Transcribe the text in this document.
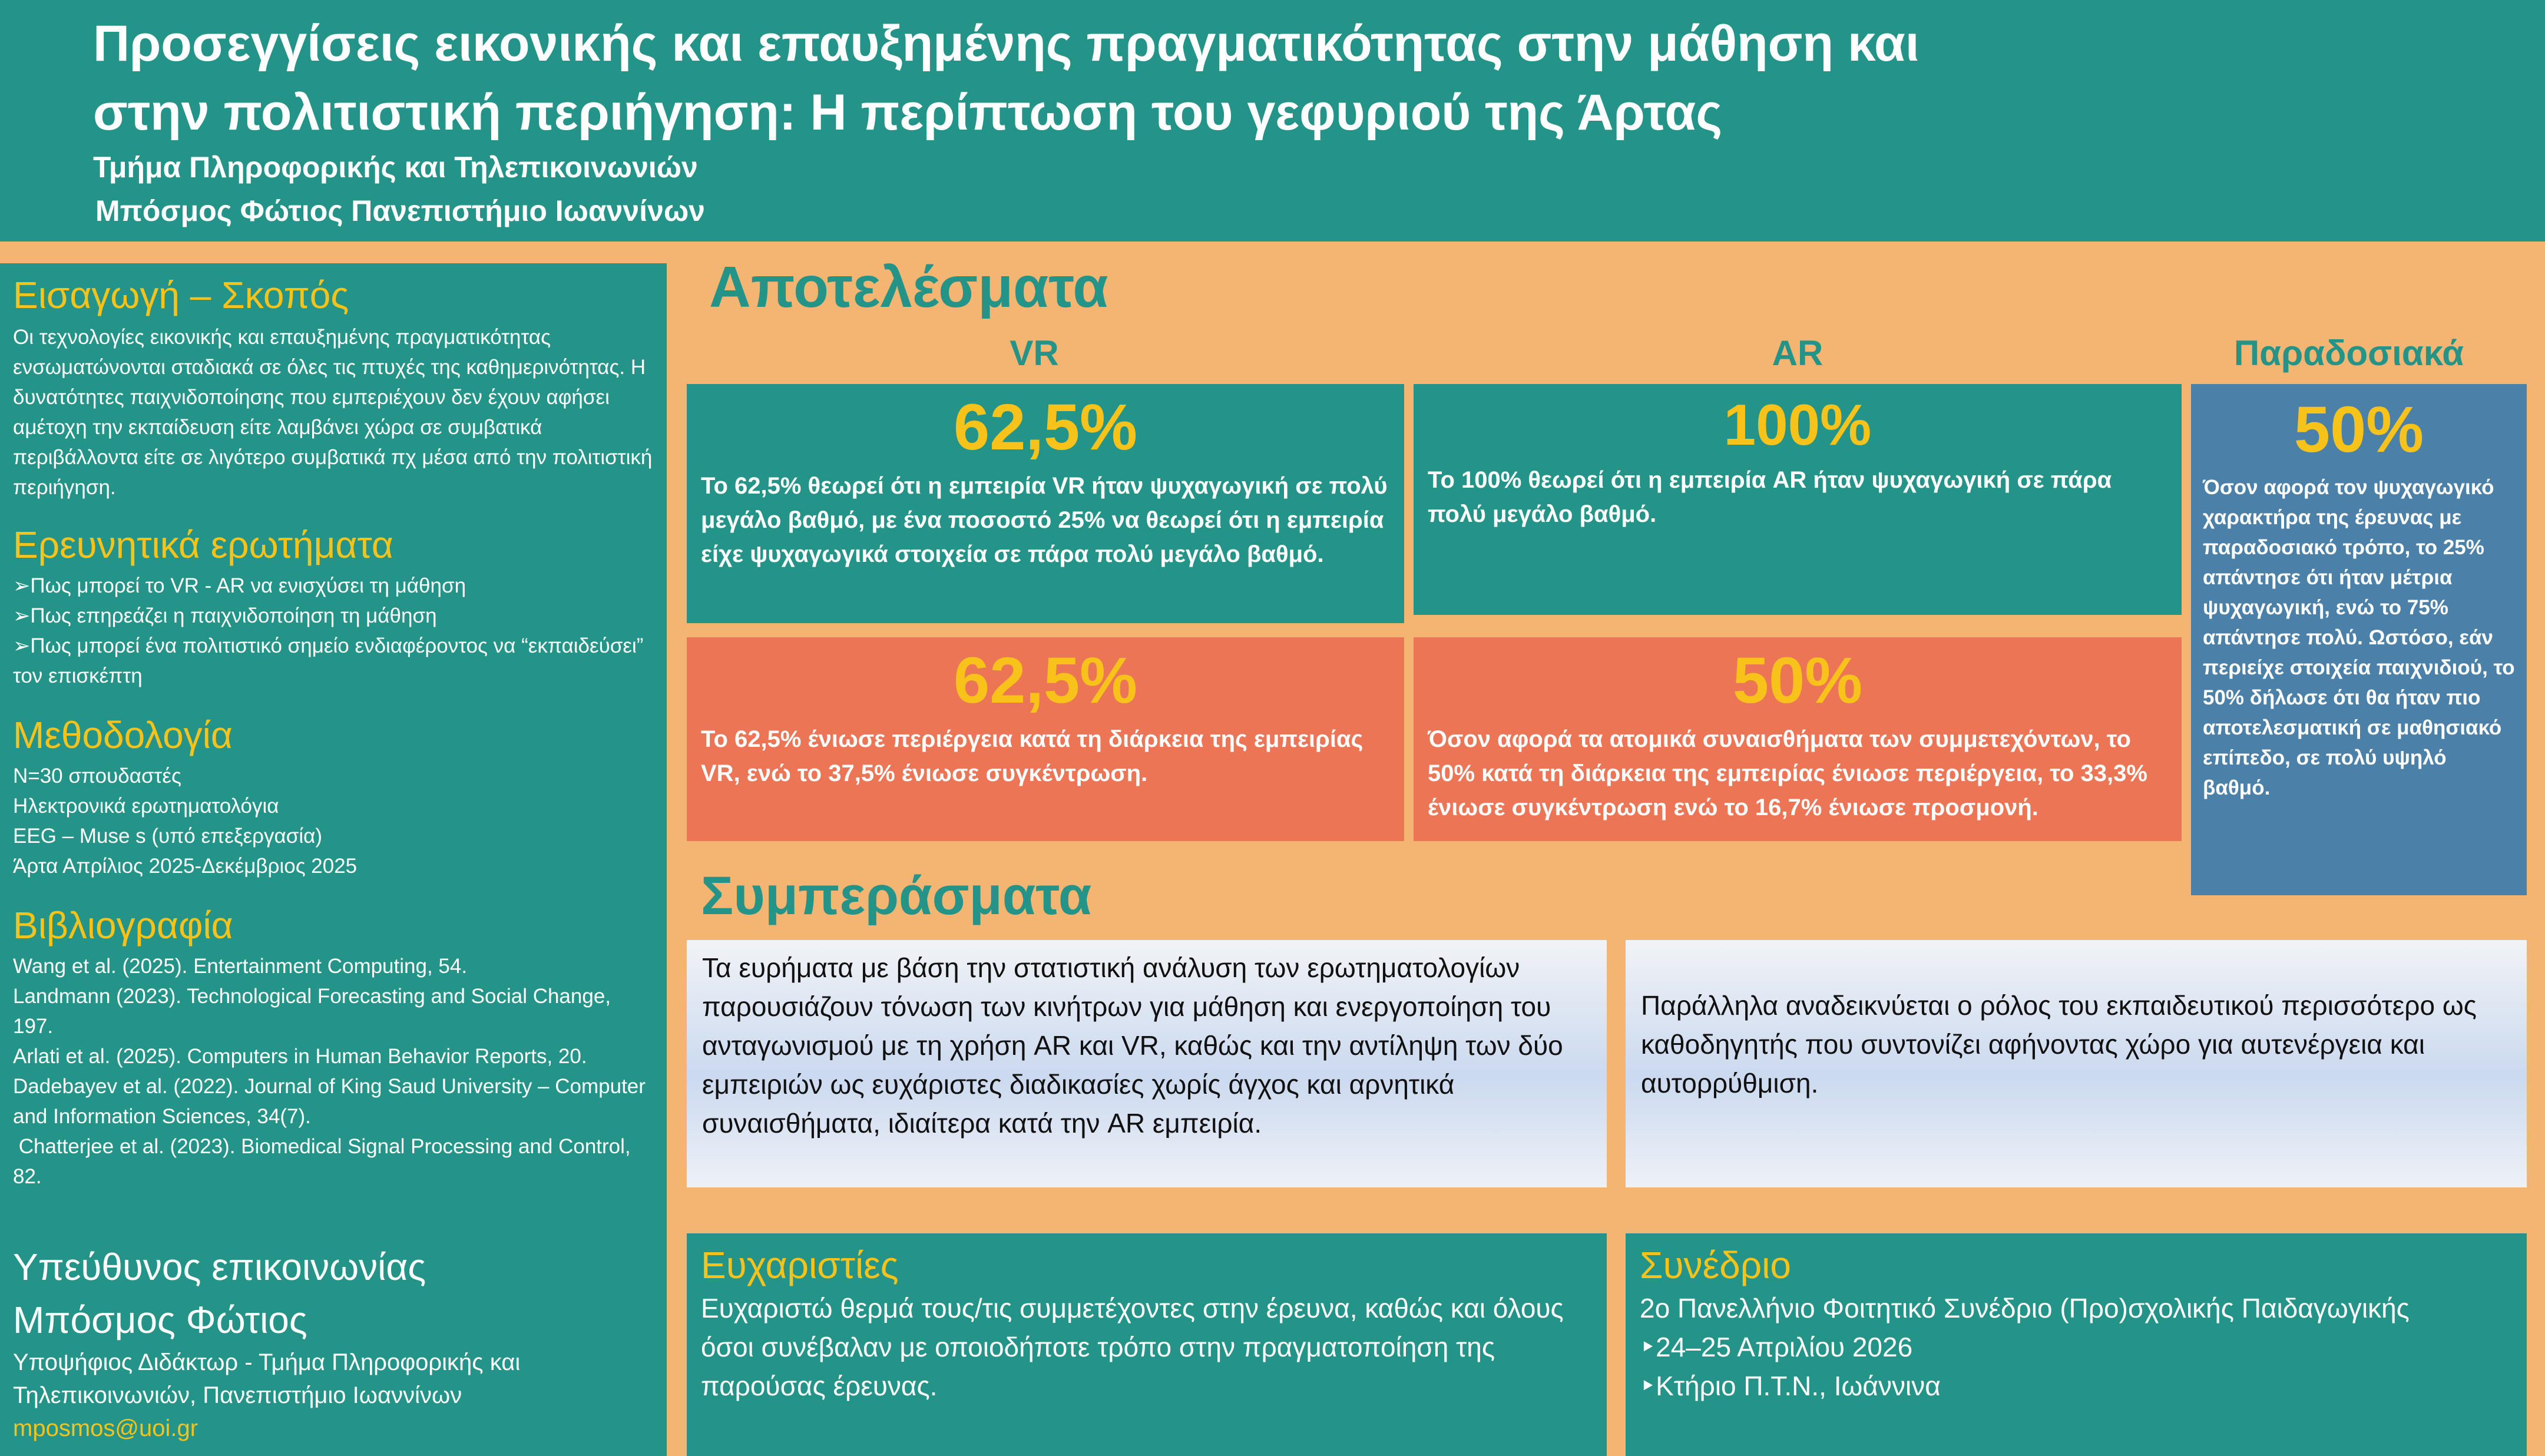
Προσεγγίσεις εικονικής και επαυξημένης πραγματικότητας στην μάθηση και
στην πολιτιστική περιήγηση: Η περίπτωση του γεφυριού της Άρτας
Τμήμα Πληροφορικής και Τηλεπικοινωνιών
Μπόσμος Φώτιος Πανεπιστήμιο Ιωαννίνων
Εισαγωγή – Σκοπός
Οι τεχνολογίες εικονικής και επαυξημένης πραγματικότητας ενσωματώνονται σταδιακά σε όλες τις πτυχές της καθημερινότητας. Η δυνατότητες παιχνιδοποίησης που εμπεριέχουν δεν έχουν αφήσει αμέτοχη την εκπαίδευση είτε λαμβάνει χώρα σε συμβατικά περιβάλλοντα είτε σε λιγότερο συμβατικά πχ μέσα από την πολιτιστική περιήγηση.
Ερευνητικά ερωτήματα
➢Πως μπορεί το VR - AR να ενισχύσει τη μάθηση
➢Πως επηρεάζει η παιχνιδοποίηση τη μάθηση
➢Πως μπορεί ένα πολιτιστικό σημείο ενδιαφέροντος να “εκπαιδεύσει” τον επισκέπτη
Μεθοδολογία

N=30 σπουδαστές

Ηλεκτρονικά ερωτηματολόγια

EEG – Muse s (υπό επεξεργασία)

Άρτα Απρίλιος 2025-Δεκέμβριος 2025

Βιβλιογραφία

Wang et al. (2025). Entertainment Computing, 54.

Landmann (2023). Technological Forecasting and Social Change, 197.

Arlati et al. (2025). Computers in Human Behavior Reports, 20.

Dadebayev et al. (2022). Journal of King Saud University – Computer and Information Sciences, 34(7).

Chatterjee et al. (2023). Biomedical Signal Processing and Control, 82.

Υπεύθυνος επικοινωνίας
Μπόσμος Φώτιος
Υποψήφιος Διδάκτωρ - Τμήμα Πληροφορικής και Τηλεπικοινωνιών, Πανεπιστήμιο Ιωαννίνων
mposmos@uoi.gr
Αποτελέσματα
VR	AR	Παραδοσιακά
62,5%
Το 62,5% θεωρεί ότι η εμπειρία VR ήταν ψυχαγωγική σε πολύ μεγάλο βαθμό, με ένα ποσοστό 25% να θεωρεί ότι η εμπειρία είχε ψυχαγωγικά στοιχεία σε πάρα πολύ μεγάλο βαθμό.
100%
Το 100% θεωρεί ότι η εμπειρία AR ήταν ψυχαγωγική σε πάρα πολύ μεγάλο βαθμό.
50%
Όσον αφορά τον ψυχαγωγικό χαρακτήρα της έρευνας με παραδοσιακό τρόπο, το 25% απάντησε ότι ήταν μέτρια ψυχαγωγική, ενώ το 75% απάντησε πολύ. Ωστόσο, εάν περιείχε στοιχεία παιχνιδιού, το 50% δήλωσε ότι θα ήταν πιο αποτελεσματική σε μαθησιακό επίπεδο, σε πολύ υψηλό βαθμό.
62,5%
Το 62,5% ένιωσε περιέργεια κατά τη διάρκεια της εμπειρίας VR, ενώ το 37,5% ένιωσε συγκέντρωση.
50%
Όσον αφορά τα ατομικά συναισθήματα των συμμετεχόντων, το 50% κατά τη διάρκεια της εμπειρίας ένιωσε περιέργεια, το 33,3% ένιωσε συγκέντρωση ενώ το 16,7% ένιωσε προσμονή.
Συμπεράσματα
Τα ευρήματα με βάση την στατιστική ανάλυση των ερωτηματολογίων παρουσιάζουν τόνωση των κινήτρων για μάθηση και ενεργοποίηση του ανταγωνισμού με τη χρήση AR και VR, καθώς και την αντίληψη των δύο εμπειριών ως ευχάριστες διαδικασίες χωρίς άγχος και αρνητικά συναισθήματα, ιδιαίτερα κατά την AR εμπειρία.
Παράλληλα αναδεικνύεται ο ρόλος του εκπαιδευτικού περισσότερο ως καθοδηγητής που συντονίζει αφήνοντας χώρο για αυτενέργεια και αυτορρύθμιση.
Ευχαριστίες
Ευχαριστώ θερμά τους/τις συμμετέχοντες στην έρευνα, καθώς και όλους όσοι συνέβαλαν με οποιοδήποτε τρόπο στην πραγματοποίηση της παρούσας έρευνας.
Συνέδριο
2ο Πανελλήνιο Φοιτητικό Συνέδριο (Προ)σχολικής Παιδαγωγικής
‣24–25 Απριλίου 2026
‣Κτήριο Π.Τ.Ν., Ιωάννινα
